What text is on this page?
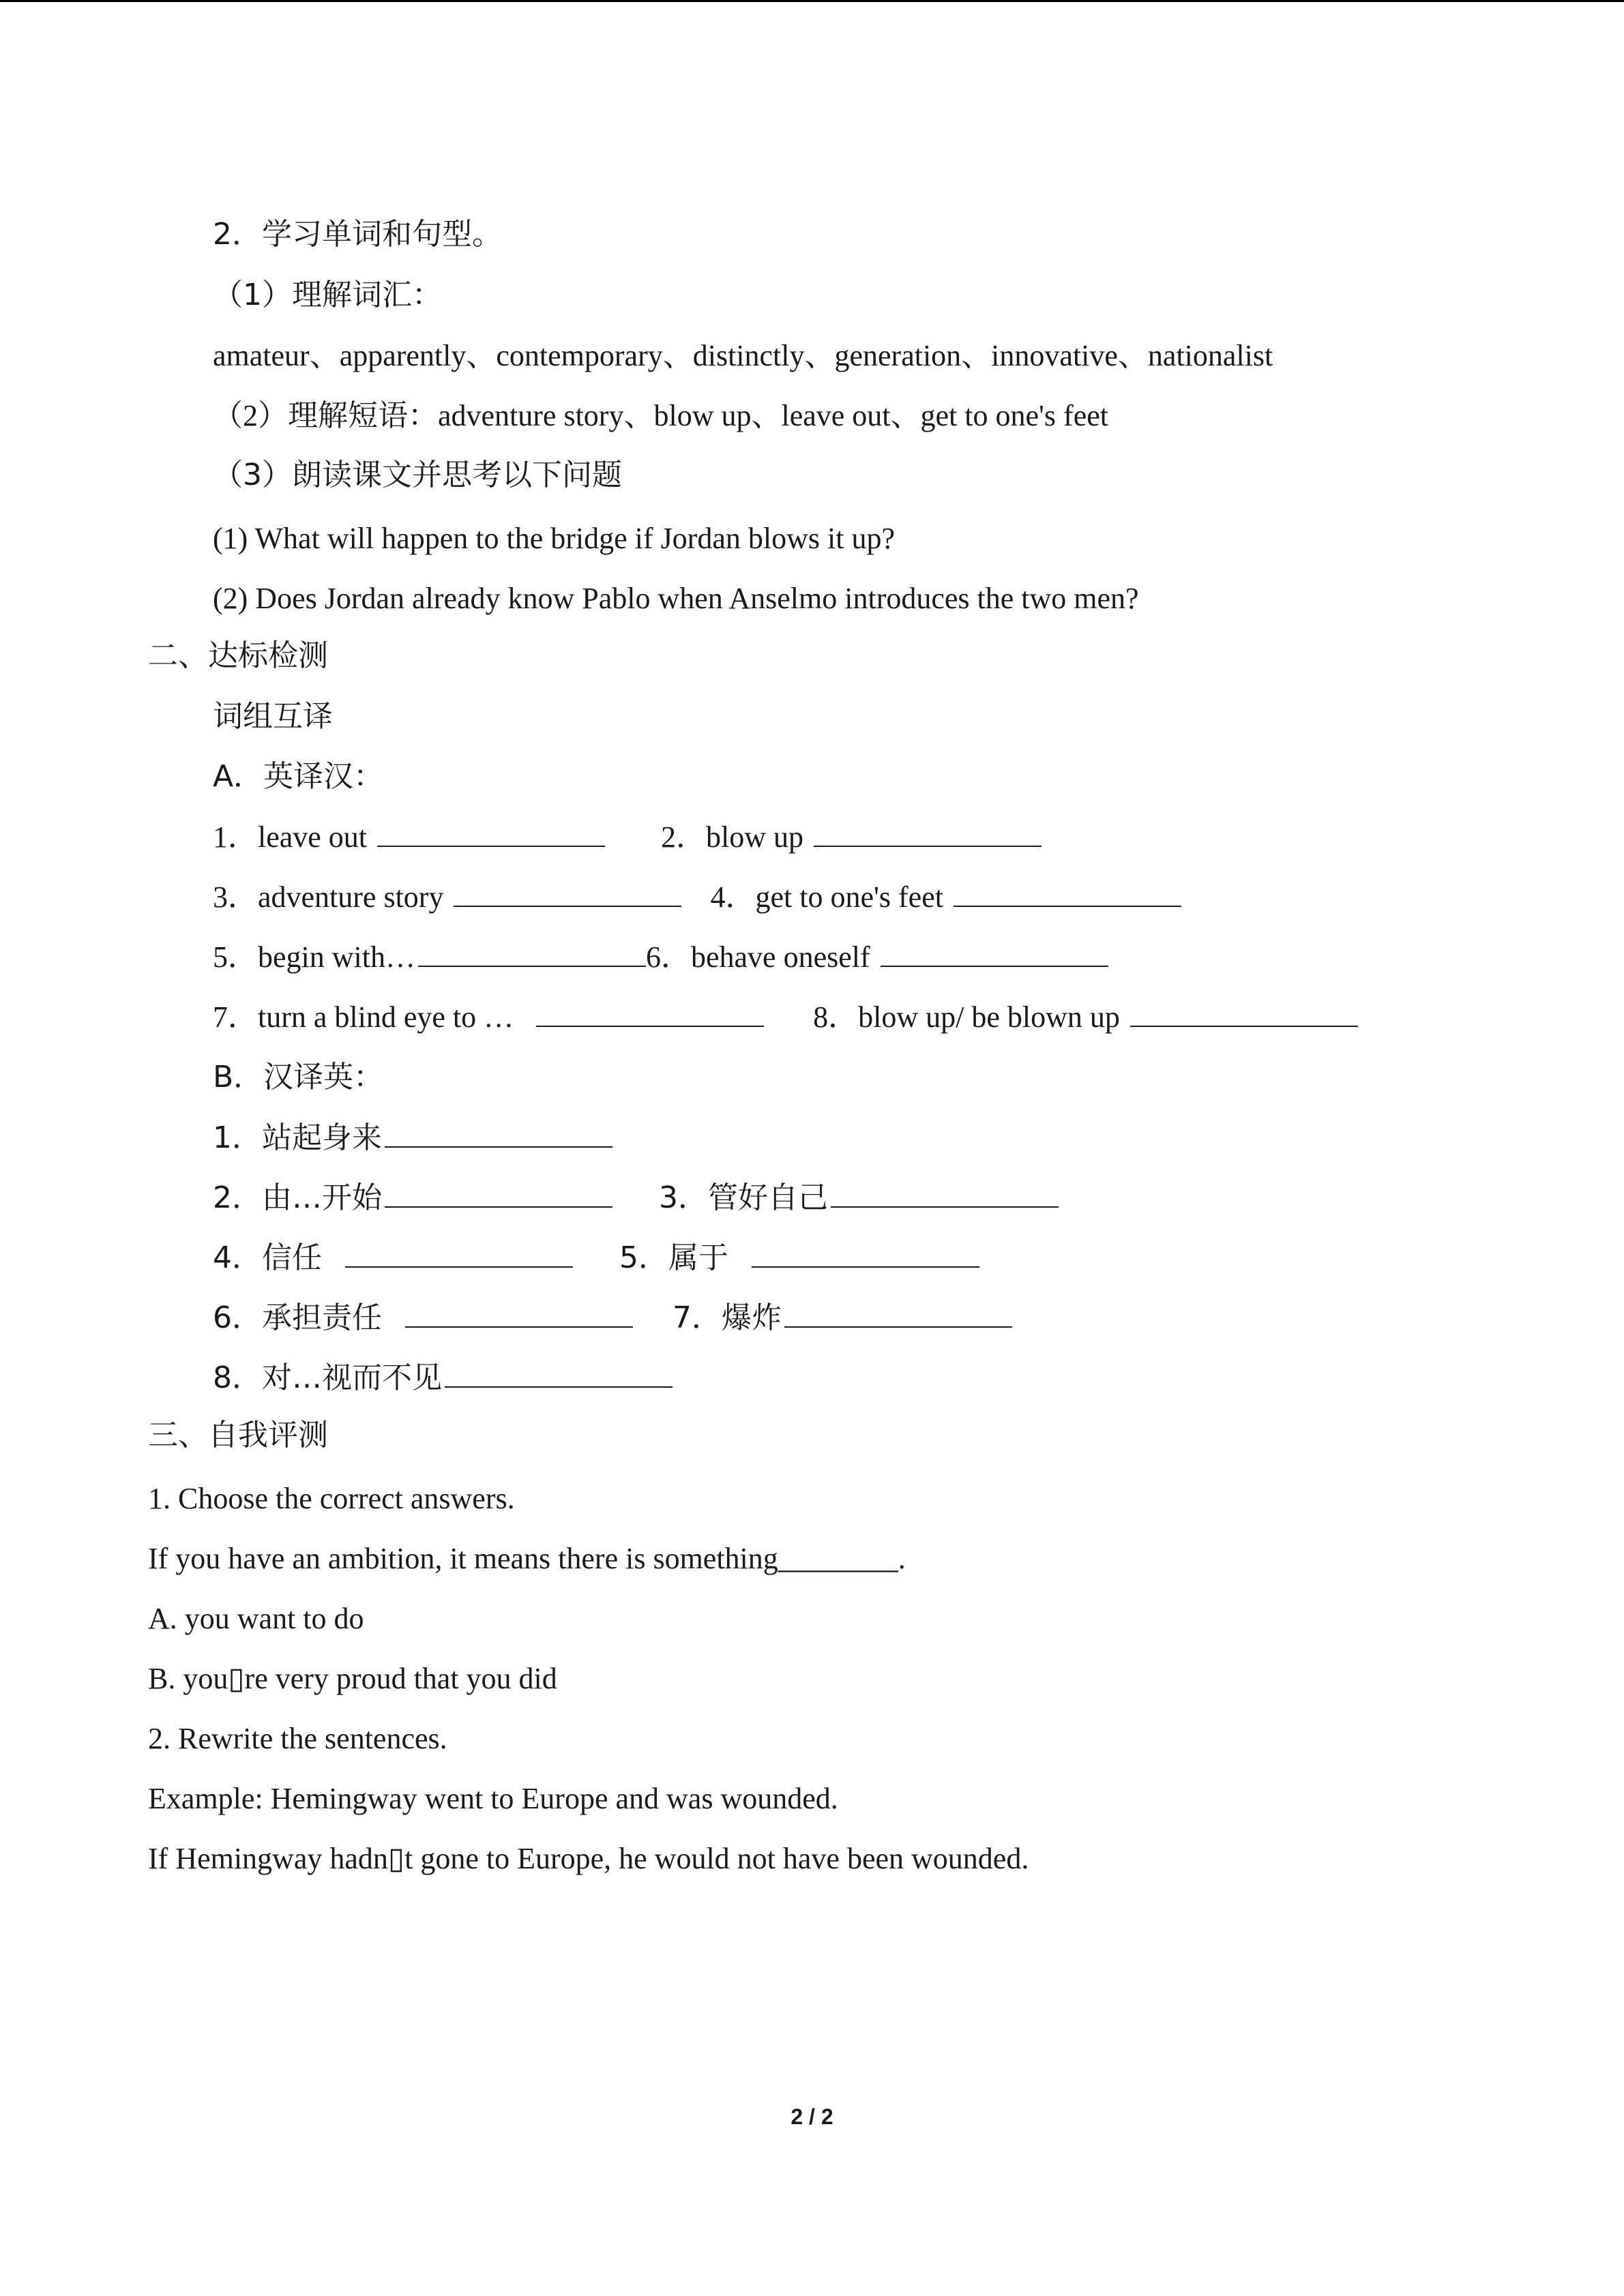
2．学习单词和句型。
（1）理解词汇：
amateur、apparently、contemporary、distinctly、generation、innovative、nationalist
（2）理解短语：adventure story、blow up、leave out、get to one's feet
（3）朗读课文并思考以下问题
(1) What will happen to the bridge if Jordan blows it up?
(2) Does Jordan already know Pablo when Anselmo introduces the two men?
二、达标检测
词组互译
A．英译汉：
1．leave out	2．blow up
3．adventure story	4．get to one's feet
5．begin with…	6．behave oneself
7．turn a blind eye to …	8．blow up/ be blown up
B．汉译英：
1．站起身来
2．由…开始	3．管好自己
4．信任	5．属于
6．承担责任	7．爆炸
8．对…视而不见
三、自我评测
1. Choose the correct answers.
If you have an ambition, it means there is something________.
A. you want to do
B. you▯re very proud that you did
2. Rewrite the sentences.
Example: Hemingway went to Europe and was wounded.
If Hemingway hadn▯t gone to Europe, he would not have been wounded.
2 / 2
